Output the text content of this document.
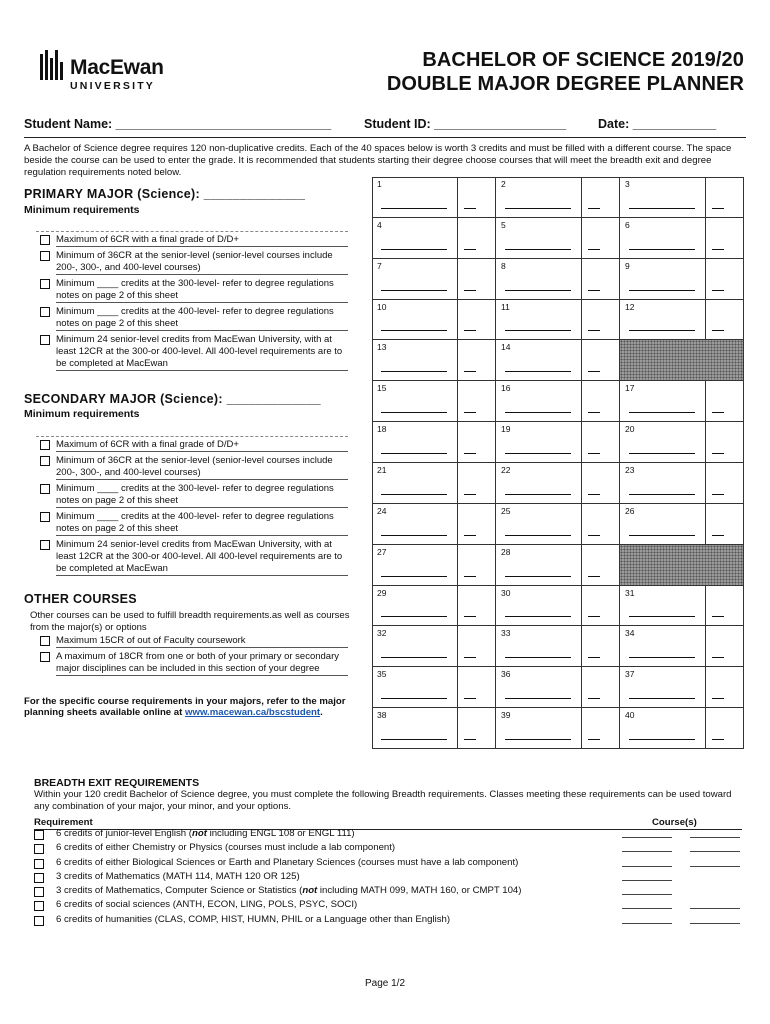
MacEwan
UNIVERSITY
BACHELOR OF SCIENCE 2019/20
DOUBLE MAJOR DEGREE PLANNER
Student Name: _______________________________	Student ID: ___________________	Date: ____________
A Bachelor of Science degree requires 120 non-duplicative credits. Each of the 40 spaces below is worth 3 credits and must be filled with a different course. The space beside the course can be used to enter the grade. It is recommended that students starting their degree choose courses that will meet the breadth exit and degree regulation requirements noted below.
PRIMARY MAJOR (Science): ______________
Minimum requirements
Maximum of 6CR with a final grade of D/D+
Minimum of 36CR at the senior-level (senior-level courses include 200-, 300-, and 400-level courses)
Minimum ____ credits at the 300-level- refer to degree regulations notes on page 2 of this sheet
Minimum ____ credits at the 400-level- refer to degree regulations notes on page 2 of this sheet
Minimum 24 senior-level credits from MacEwan University, with at least 12CR at the 300-or 400-level. All 400-level requirements are to be completed at MacEwan
SECONDARY MAJOR (Science): _____________
Minimum requirements
Maximum of 6CR with a final grade of D/D+
Minimum of 36CR at the senior-level (senior-level courses include 200-, 300-, and 400-level courses)
Minimum ____ credits at the 300-level- refer to degree regulations notes on page 2 of this sheet
Minimum ____ credits at the 400-level- refer to degree regulations notes on page 2 of this sheet
Minimum 24 senior-level credits from MacEwan University, with at least 12CR at the 300-or 400-level. All 400-level requirements are to be completed at MacEwan
OTHER COURSES
Other courses can be used to fulfill breadth requirements.as well as courses from the major(s) or options
Maximum 15CR of out of Faculty coursework
A maximum of 18CR from one or both of your primary or secondary major disciplines can be included in this section of your degree
For the specific course requirements in your majors, refer to the major planning sheets available online at www.macewan.ca/bscstudent.
1	2	3
4	5	6
7	8	9
10	11	12
13	14
15	16	17
18	19	20
21	22	23
24	25	26
27	28
29	30	31
32	33	34
35	36	37
38	39	40
BREADTH EXIT REQUIREMENTS
Within your 120 credit Bachelor of Science degree, you must complete the following Breadth requirements. Classes meeting these requirements can be used toward any combination of your major, your minor, and your options.
Requirement	Course(s)
6 credits of junior-level English (not including ENGL 108 or ENGL 111)
6 credits of either Chemistry or Physics (courses must include a lab component)
6 credits of either Biological Sciences or Earth and Planetary Sciences (courses must have a lab component)
3 credits of Mathematics (MATH 114, MATH 120 OR 125)
3 credits of Mathematics, Computer Science or Statistics (not including MATH 099, MATH 160, or CMPT 104)
6 credits of social sciences (ANTH, ECON, LING, POLS, PSYC, SOCI)
6 credits of humanities (CLAS, COMP, HIST, HUMN, PHIL or a Language other than English)
Page 1/2
